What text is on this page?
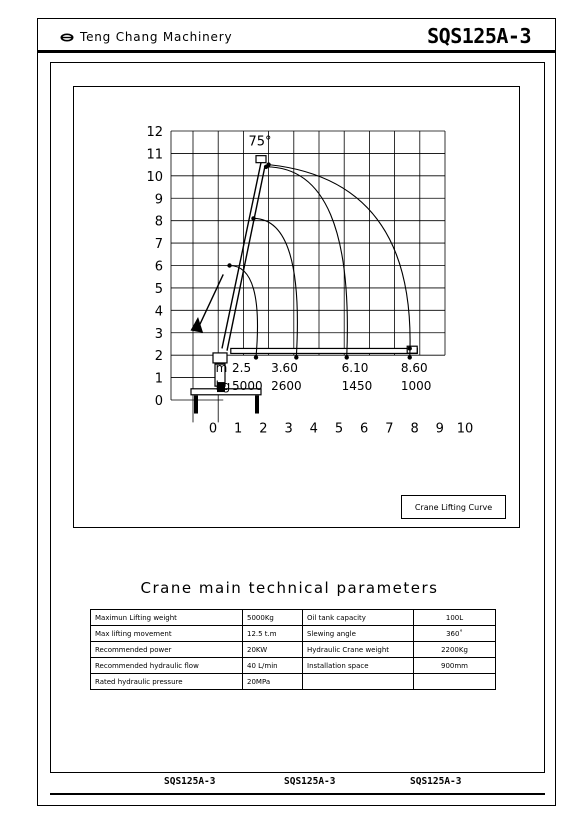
Teng Chang Machinery	SQS125A-3
0
1
2
3
4
5
6
7
8
9
10
11
12
0 1 2 3 4 5 6 7 8 9 10
75°
m
kg
2.5
5000
3.60
2600
6.10
1450
8.60
1000
Crane Lifting Curve
Crane main technical parameters
Maximun Lifting weight	5000Kg	Oil tank capacity	100L
Max lifting movement	12.5 t.m	Slewing angle	360˚
Recommended power	20KW	Hydraulic Crane weight	2200Kg
Recommended hydraulic flow	40 L/min	Installation space	900mm
Rated hydraulic pressure	20MPa		
SQS125A-3	SQS125A-3	SQS125A-3
